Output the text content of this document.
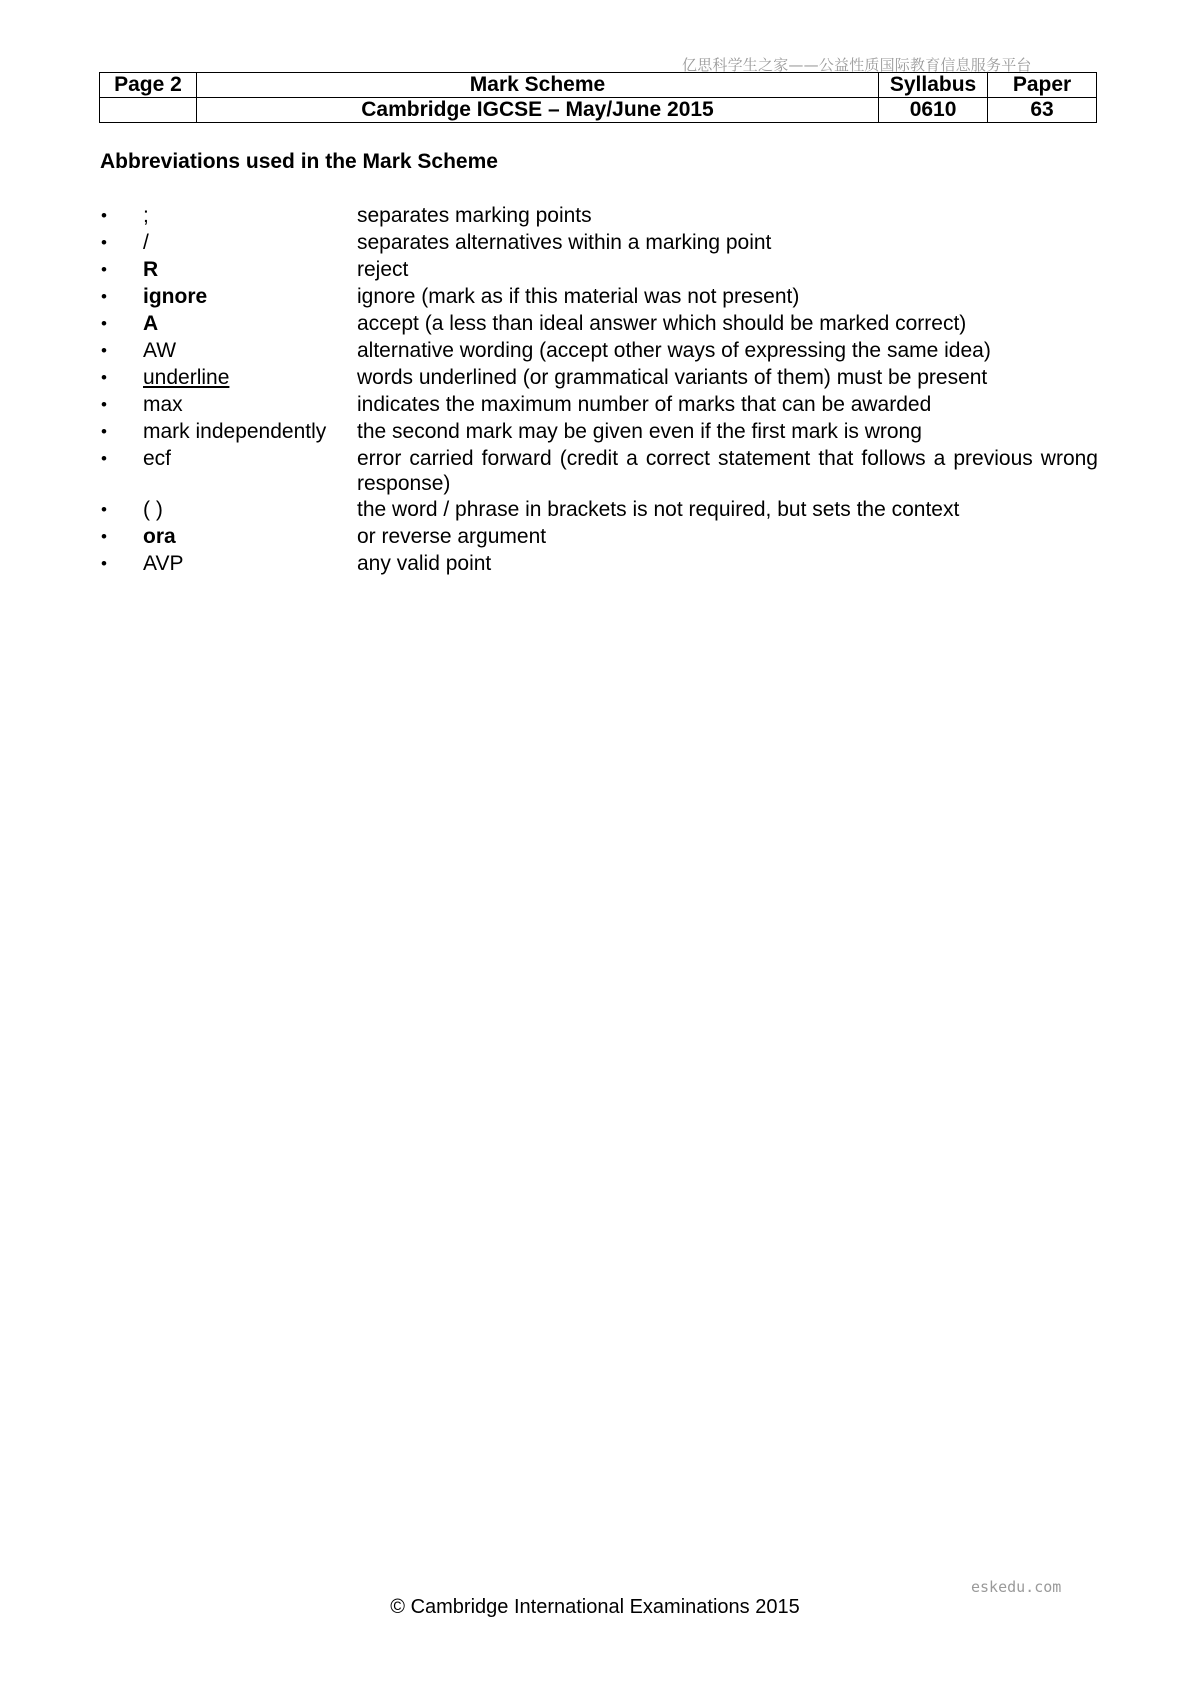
亿思科学生之家——公益性质国际教育信息服务平台
Page 2	Mark Scheme	Syllabus	Paper
	Cambridge IGCSE – May/June 2015	0610	63
Abbreviations used in the Mark Scheme
•	;	separates marking points
•	/	separates alternatives within a marking point
•	R	reject
•	ignore	ignore (mark as if this material was not present)
•	A	accept (a less than ideal answer which should be marked correct)
•	AW	alternative wording (accept other ways of expressing the same idea)
•	underline	words underlined (or grammatical variants of them) must be present
•	max	indicates the maximum number of marks that can be awarded
•	mark independently	the second mark may be given even if the first mark is wrong
•	ecf	error carried forward (credit a correct statement that follows a previous wrong response)
•	( )	the word / phrase in brackets is not required, but sets the context
•	ora	or reverse argument
•	AVP	any valid point
eskedu.com
© Cambridge International Examinations 2015
